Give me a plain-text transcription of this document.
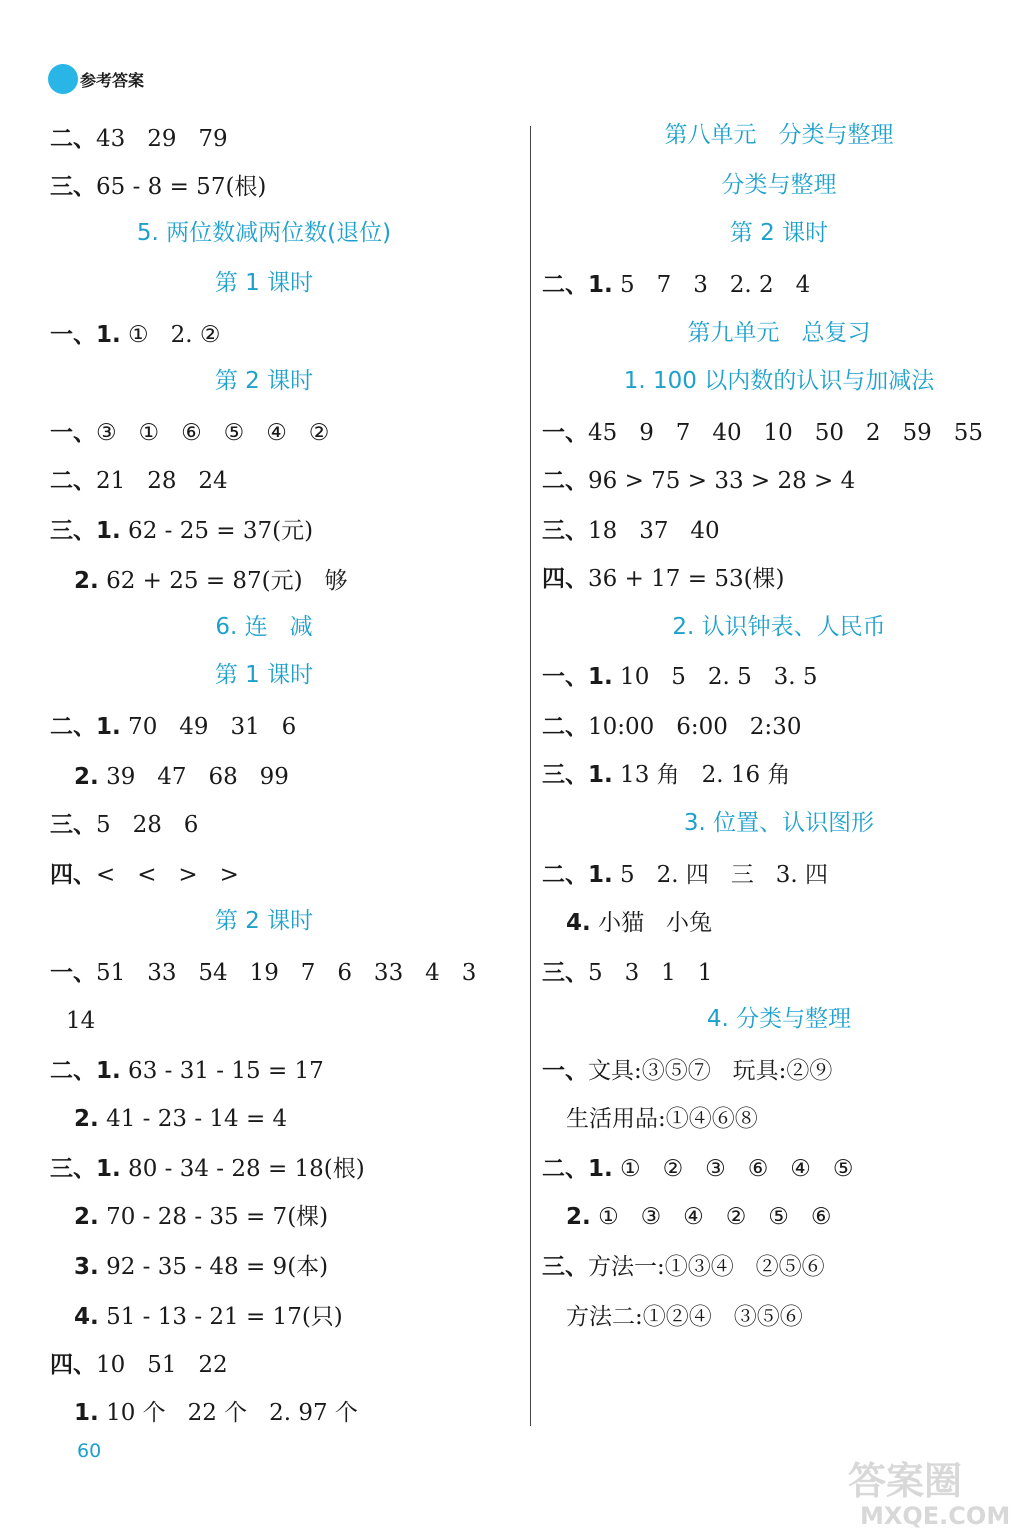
参考答案
二、43   29   79
三、65 - 8 = 57(根)
5. 两位数减两位数(退位)
第 1 课时
一、1. ①   2. ②
第 2 课时
一、③   ①   ⑥   ⑤   ④   ②
二、21   28   24
三、1. 62 - 25 = 37(元)
2. 62 + 25 = 87(元)   够
6. 连   减
第 1 课时
二、1. 70   49   31   6
2. 39   47   68   99
三、5   28   6
四、<   <   >   >
第 2 课时
一、51   33   54   19   7   6   33   4   3
14
二、1. 63 - 31 - 15 = 17
2. 41 - 23 - 14 = 4
三、1. 80 - 34 - 28 = 18(根)
2. 70 - 28 - 35 = 7(棵)
3. 92 - 35 - 48 = 9(本)
4. 51 - 13 - 21 = 17(只)
四、10   51   22
1. 10 个   22 个   2. 97 个
第八单元   分类与整理
分类与整理
第 2 课时
二、1. 5   7   3   2. 2   4
第九单元   总复习
1. 100 以内数的认识与加减法
一、45   9   7   40   10   50   2   59   55
二、96 > 75 > 33 > 28 > 4
三、18   37   40
四、36 + 17 = 53(棵)
2. 认识钟表、人民币
一、1. 10   5   2. 5   3. 5
二、10:00   6:00   2:30
三、1. 13 角   2. 16 角
3. 位置、认识图形
二、1. 5   2. 四   三   3. 四
4. 小猫   小兔
三、5   3   1   1
4. 分类与整理
一、文具:③⑤⑦   玩具:②⑨
生活用品:①④⑥⑧
二、1. ①   ②   ③   ⑥   ④   ⑤
2. ①   ③   ④   ②   ⑤   ⑥
三、方法一:①③④   ②⑤⑥
方法二:①②④   ③⑤⑥
60
答案圈
MXQE.COM
